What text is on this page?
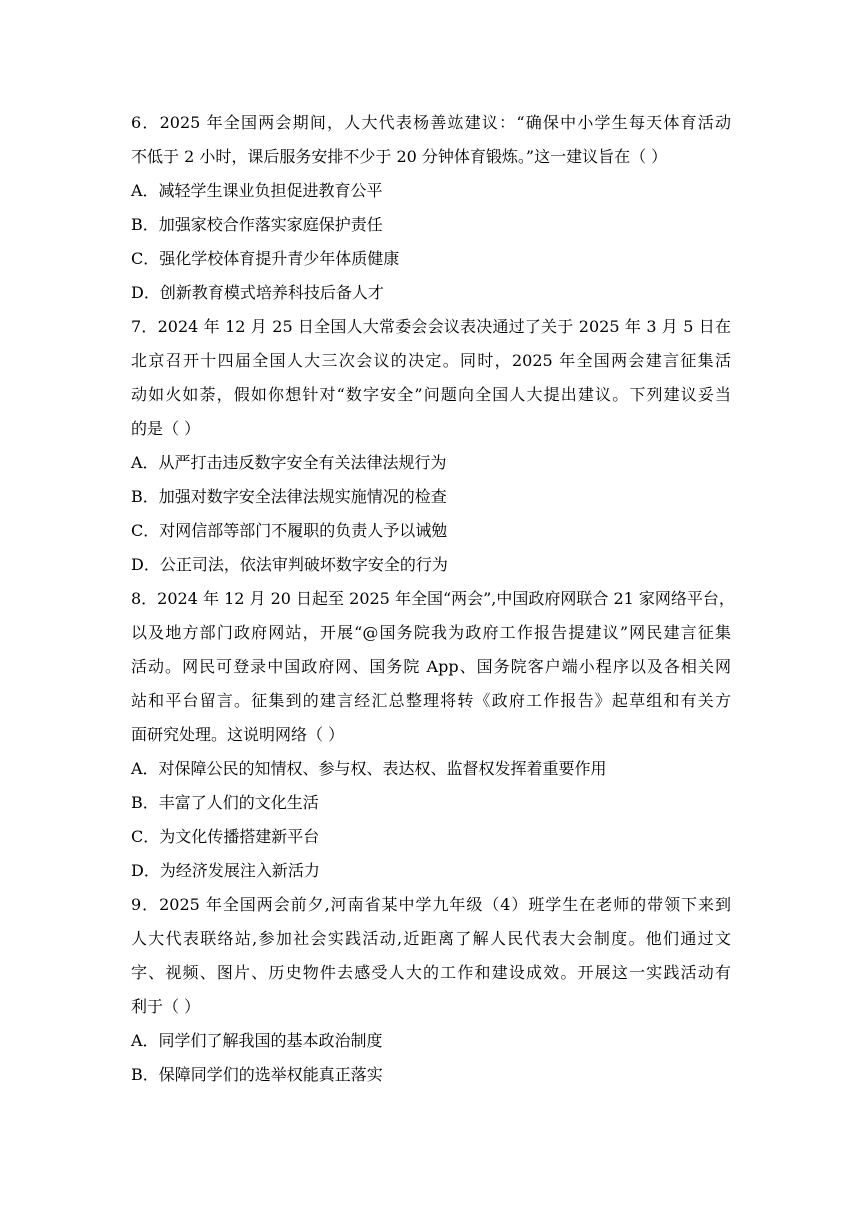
6．2025 年全国两会期间，人大代表杨善竑建议：“确保中小学生每天体育活动
不低于 2 小时，课后服务安排不少于 20 分钟体育锻炼。”这一建议旨在（ ）
A．减轻学生课业负担促进教育公平
B．加强家校合作落实家庭保护责任
C．强化学校体育提升青少年体质健康
D．创新教育模式培养科技后备人才
7．2024 年 12 月 25 日全国人大常委会会议表决通过了关于 2025 年 3 月 5 日在
北京召开十四届全国人大三次会议的决定。同时，2025 年全国两会建言征集活
动如火如荼，假如你想针对“数字安全”问题向全国人大提出建议。下列建议妥当
的是（ ）
A．从严打击违反数字安全有关法律法规行为
B．加强对数字安全法律法规实施情况的检查
C．对网信部等部门不履职的负责人予以诫勉
D．公正司法，依法审判破坏数字安全的行为
8．2024 年 12 月 20 日起至 2025 年全国“两会”,中国政府网联合 21 家网络平台，
以及地方部门政府网站，开展“@国务院我为政府工作报告提建议”网民建言征集
活动。网民可登录中国政府网、国务院 App、国务院客户端小程序以及各相关网
站和平台留言。征集到的建言经汇总整理将转《政府工作报告》起草组和有关方
面研究处理。这说明网络（ ）
A．对保障公民的知情权、参与权、表达权、监督权发挥着重要作用
B．丰富了人们的文化生活
C．为文化传播搭建新平台
D．为经济发展注入新活力
9．2025 年全国两会前夕,河南省某中学九年级（4）班学生在老师的带领下来到
人大代表联络站,参加社会实践活动,近距离了解人民代表大会制度。他们通过文
字、视频、图片、历史物件去感受人大的工作和建设成效。开展这一实践活动有
利于（ ）
A．同学们了解我国的基本政治制度
B．保障同学们的选举权能真正落实
